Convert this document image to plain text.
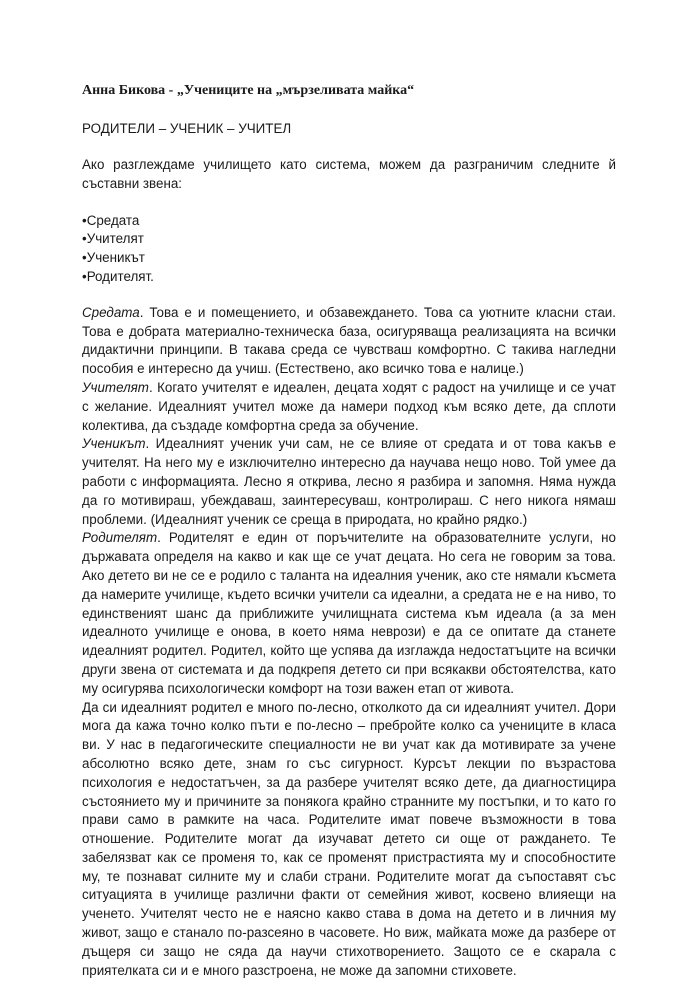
Анна Бикова - „Учениците на „мързеливата майка“

РОДИТЕЛИ – УЧЕНИК – УЧИТЕЛ

Ако разглеждаме училището като система, можем да разграничим следните й съставни звена:

•Средата
•Учителят
•Ученикът
•Родителят.

Средата. Това е и помещението, и обзавеждането. Това са уютните класни стаи. Това е добрата материално-техническа база, осигуряваща реализацията на всички дидактични принципи. В такава среда се чувстваш комфортно. С такива нагледни пособия е интересно да учиш. (Естествено, ако всичко това е налице.)

Учителят. Когато учителят е идеален, децата ходят с радост на училище и се учат с желание. Идеалният учител може да намери подход към всяко дете, да сплоти колектива, да създаде комфортна среда за обучение.

Ученикът. Идеалният ученик учи сам, не се влияе от средата и от това какъв е учителят. На него му е изключително интересно да научава нещо ново. Той умее да работи с информацията. Лесно я открива, лесно я разбира и запомня. Няма нужда да го мотивираш, убеждаваш, заинтересуваш, контролираш. С него никога нямаш проблеми. (Идеалният ученик се среща в природата, но крайно рядко.)

Родителят. Родителят е един от поръчителите на образователните услуги, но държавата определя на какво и как ще се учат децата. Но сега не говорим за това. Ако детето ви не се е родило с таланта на идеалния ученик, ако сте нямали късмета да намерите училище, където всички учители са идеални, а средата не е на ниво, то единственият шанс да приближите училищната система към идеала (а за мен идеалното училище е онова, в което няма неврози) е да се опитате да станете идеалният родител. Родител, който ще успява да изглажда недостатъците на всички други звена от системата и да подкрепя детето си при всякакви обстоятелства, като му осигурява психологически комфорт на този важен етап от живота.

Да си идеалният родител е много по-лесно, отколкото да си идеалният учител. Дори мога да кажа точно колко пъти е по-лесно – пребройте колко са учениците в класа ви. У нас в педагогическите специалности не ви учат как да мотивирате за учене абсолютно всяко дете, знам го със сигурност. Курсът лекции по възрастова психология е недостатъчен, за да разбере учителят всяко дете, да диагностицира състоянието му и причините за понякога крайно странните му постъпки, и то като го прави само в рамките на часа. Родителите имат повече възможности в това отношение. Родителите могат да изучават детето си още от раждането. Те забелязват как се променя то, как се променят пристрастията му и способностите му, те познават силните му и слаби страни. Родителите могат да съпоставят със ситуацията в училище различни факти от семейния живот, косвено влияещи на ученето. Учителят често не е наясно какво става в дома на детето и в личния му живот, защо е станало по-разсеяно в часовете. Но виж, майката може да разбере от дъщеря си защо не сяда да научи стихотворението. Защото се е скарала с приятелката си и е много разстроена, не може да запомни стиховете.
